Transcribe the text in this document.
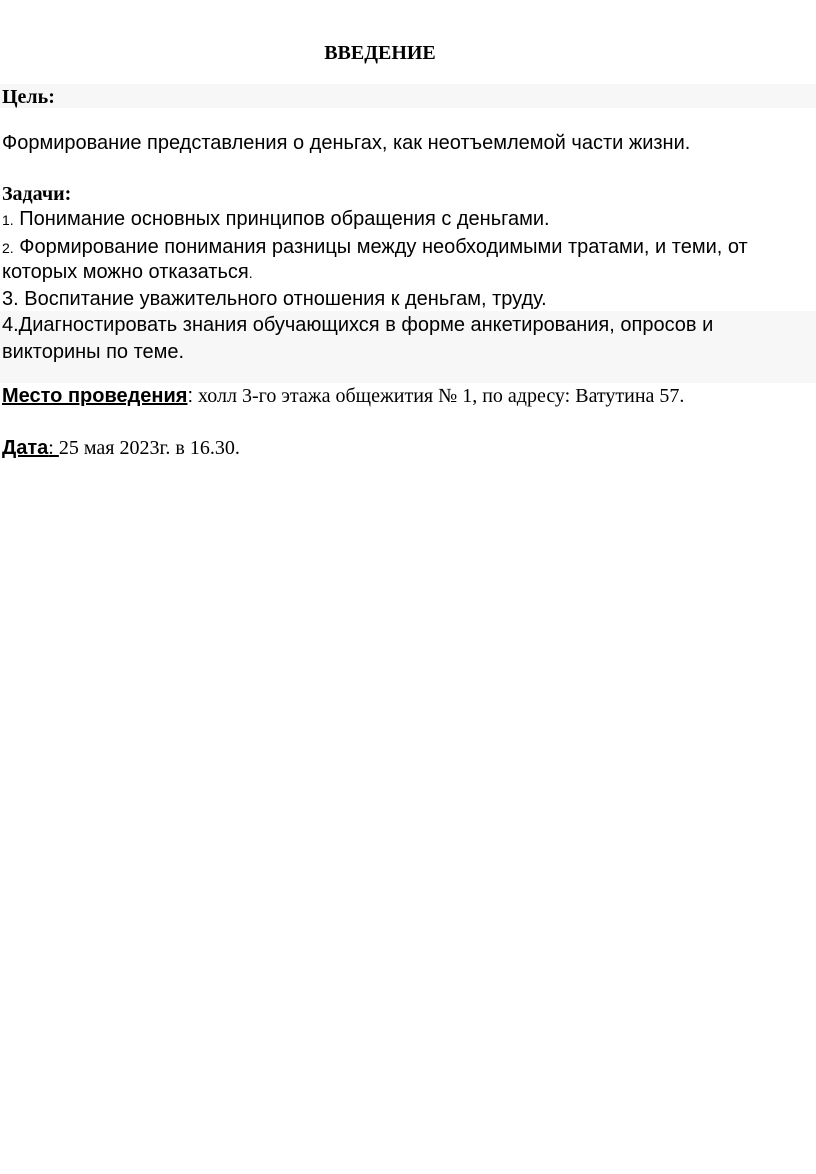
ВВЕДЕНИЕ
Цель:
Формирование представления о деньгах, как неотъемлемой части жизни.
Задачи:
1. Понимание основных принципов обращения с деньгами.
2. Формирование понимания разницы между необходимыми тратами, и теми, от
которых можно отказаться.
3. Воспитание уважительного отношения к деньгам, труду.
4.Диагностировать знания обучающихся в форме анкетирования, опросов и
викторины по теме.
Место проведения: холл 3-го этажа общежития № 1, по адресу: Ватутина 57.
Дата: 25 мая 2023г. в 16.30.
